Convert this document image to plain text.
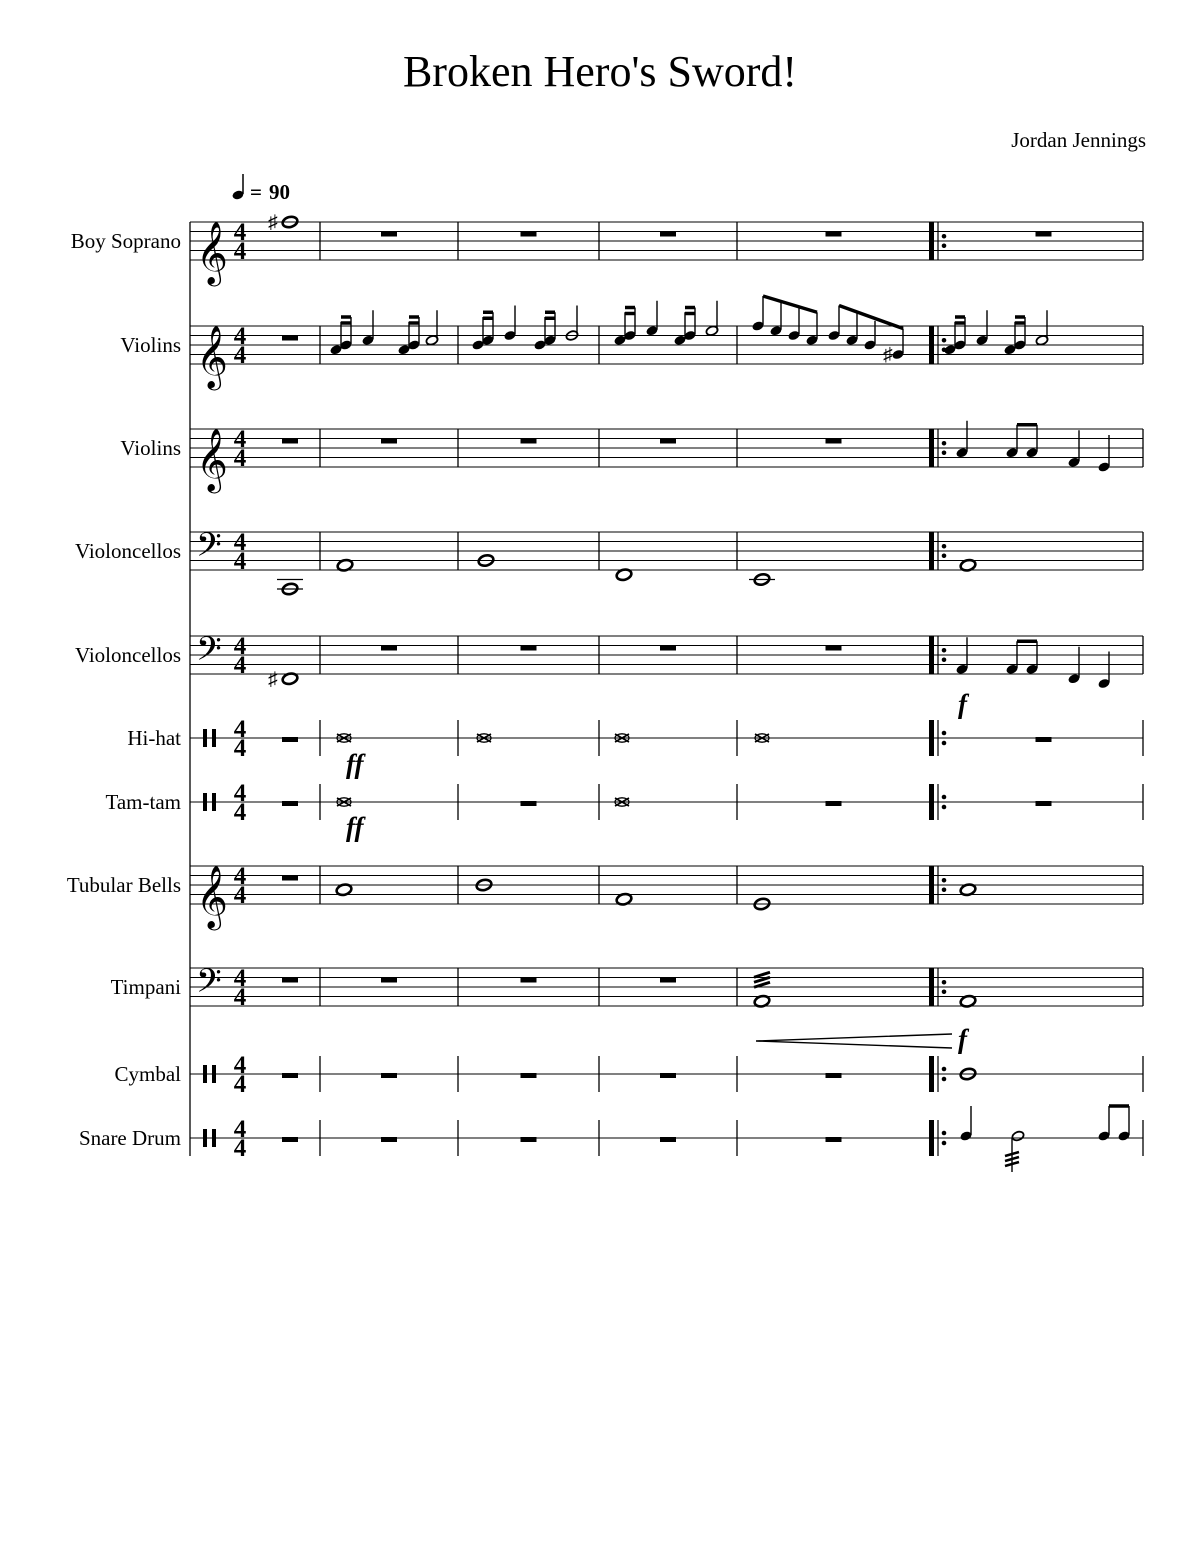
Broken Hero's Sword!
Jordan Jennings
= 90
Boy Soprano 𝄞 4
4
Violins 𝄞 4
4
Violins 𝄞 4
4
Violoncellos 𝄢 4
4
Violoncellos 𝄢 4
4
Hi-hat 4
4
Tam-tam 4
4
Tubular Bells 𝄞 4
4
Timpani 𝄢 4
4
Cymbal 4
4
Snare Drum 4
4
♯
♯
♯
f
ff
ff
f
